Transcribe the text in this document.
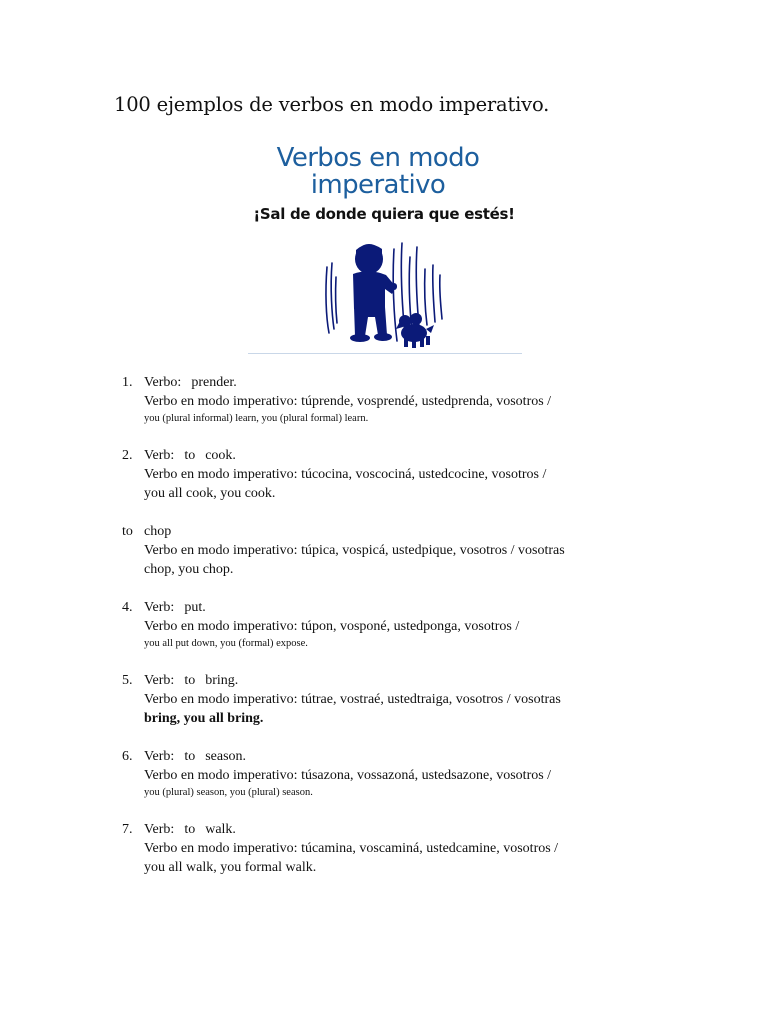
100 ejemplos de verbos en modo imperativo.
Verbos en modo
imperativo
¡Sal de donde quiera que estés!
1. Verbo: prender.
Verbo en modo imperativo: túprende, vosprendé, ustedprenda, vosotros /
you (plural informal) learn, you (plural formal) learn.
2. Verb: to cook.
Verbo en modo imperativo: túcocina, voscociná, ustedcocine, vosotros /
you all cook, you cook.
to chop
Verbo en modo imperativo: túpica, vospicá, ustedpique, vosotros / vosotras
chop, you chop.
4. Verb: put.
Verbo en modo imperativo: túpon, vosponé, ustedponga, vosotros /
you all put down, you (formal) expose.
5. Verb: to bring.
Verbo en modo imperativo: tútrae, vostraé, ustedtraiga, vosotros / vosotras
bring, you all bring.
6. Verb: to season.
Verbo en modo imperativo: túsazona, vossazoná, ustedsazone, vosotros /
you (plural) season, you (plural) season.
7. Verb: to walk.
Verbo en modo imperativo: túcamina, voscaminá, ustedcamine, vosotros /
you all walk, you formal walk.
